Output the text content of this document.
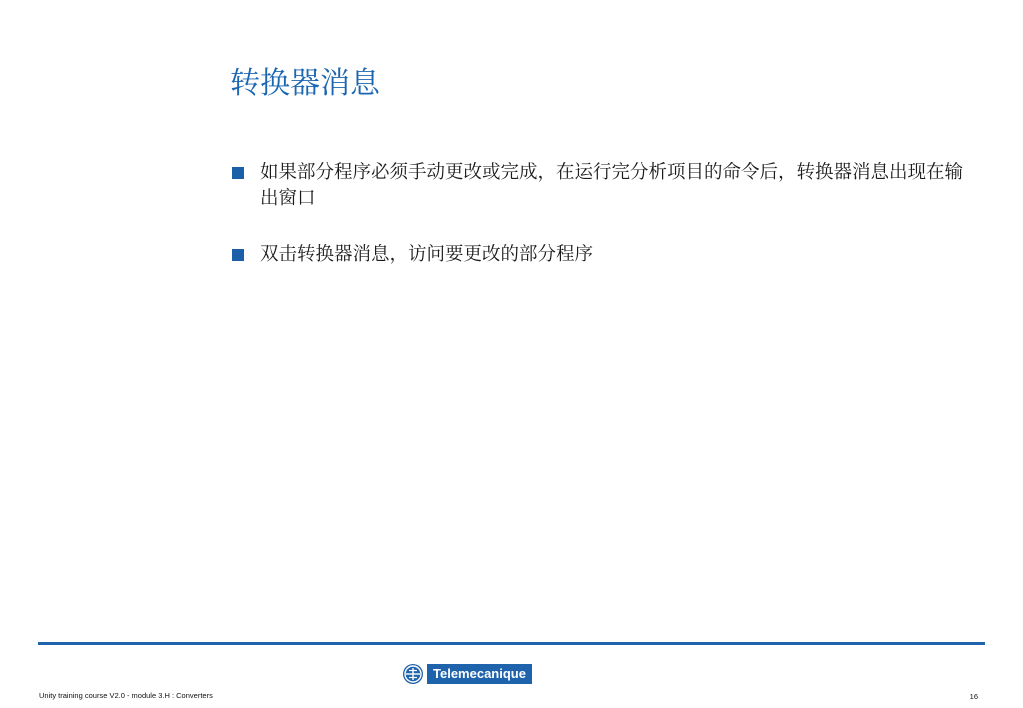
转换器消息
如果部分程序必须手动更改或完成，在运行完分析项目的命令后，转换器消息出现在输出窗口
双击转换器消息，访问要更改的部分程序
Telemecanique
Unity training course V2.0 - module 3.H : Converters	16
